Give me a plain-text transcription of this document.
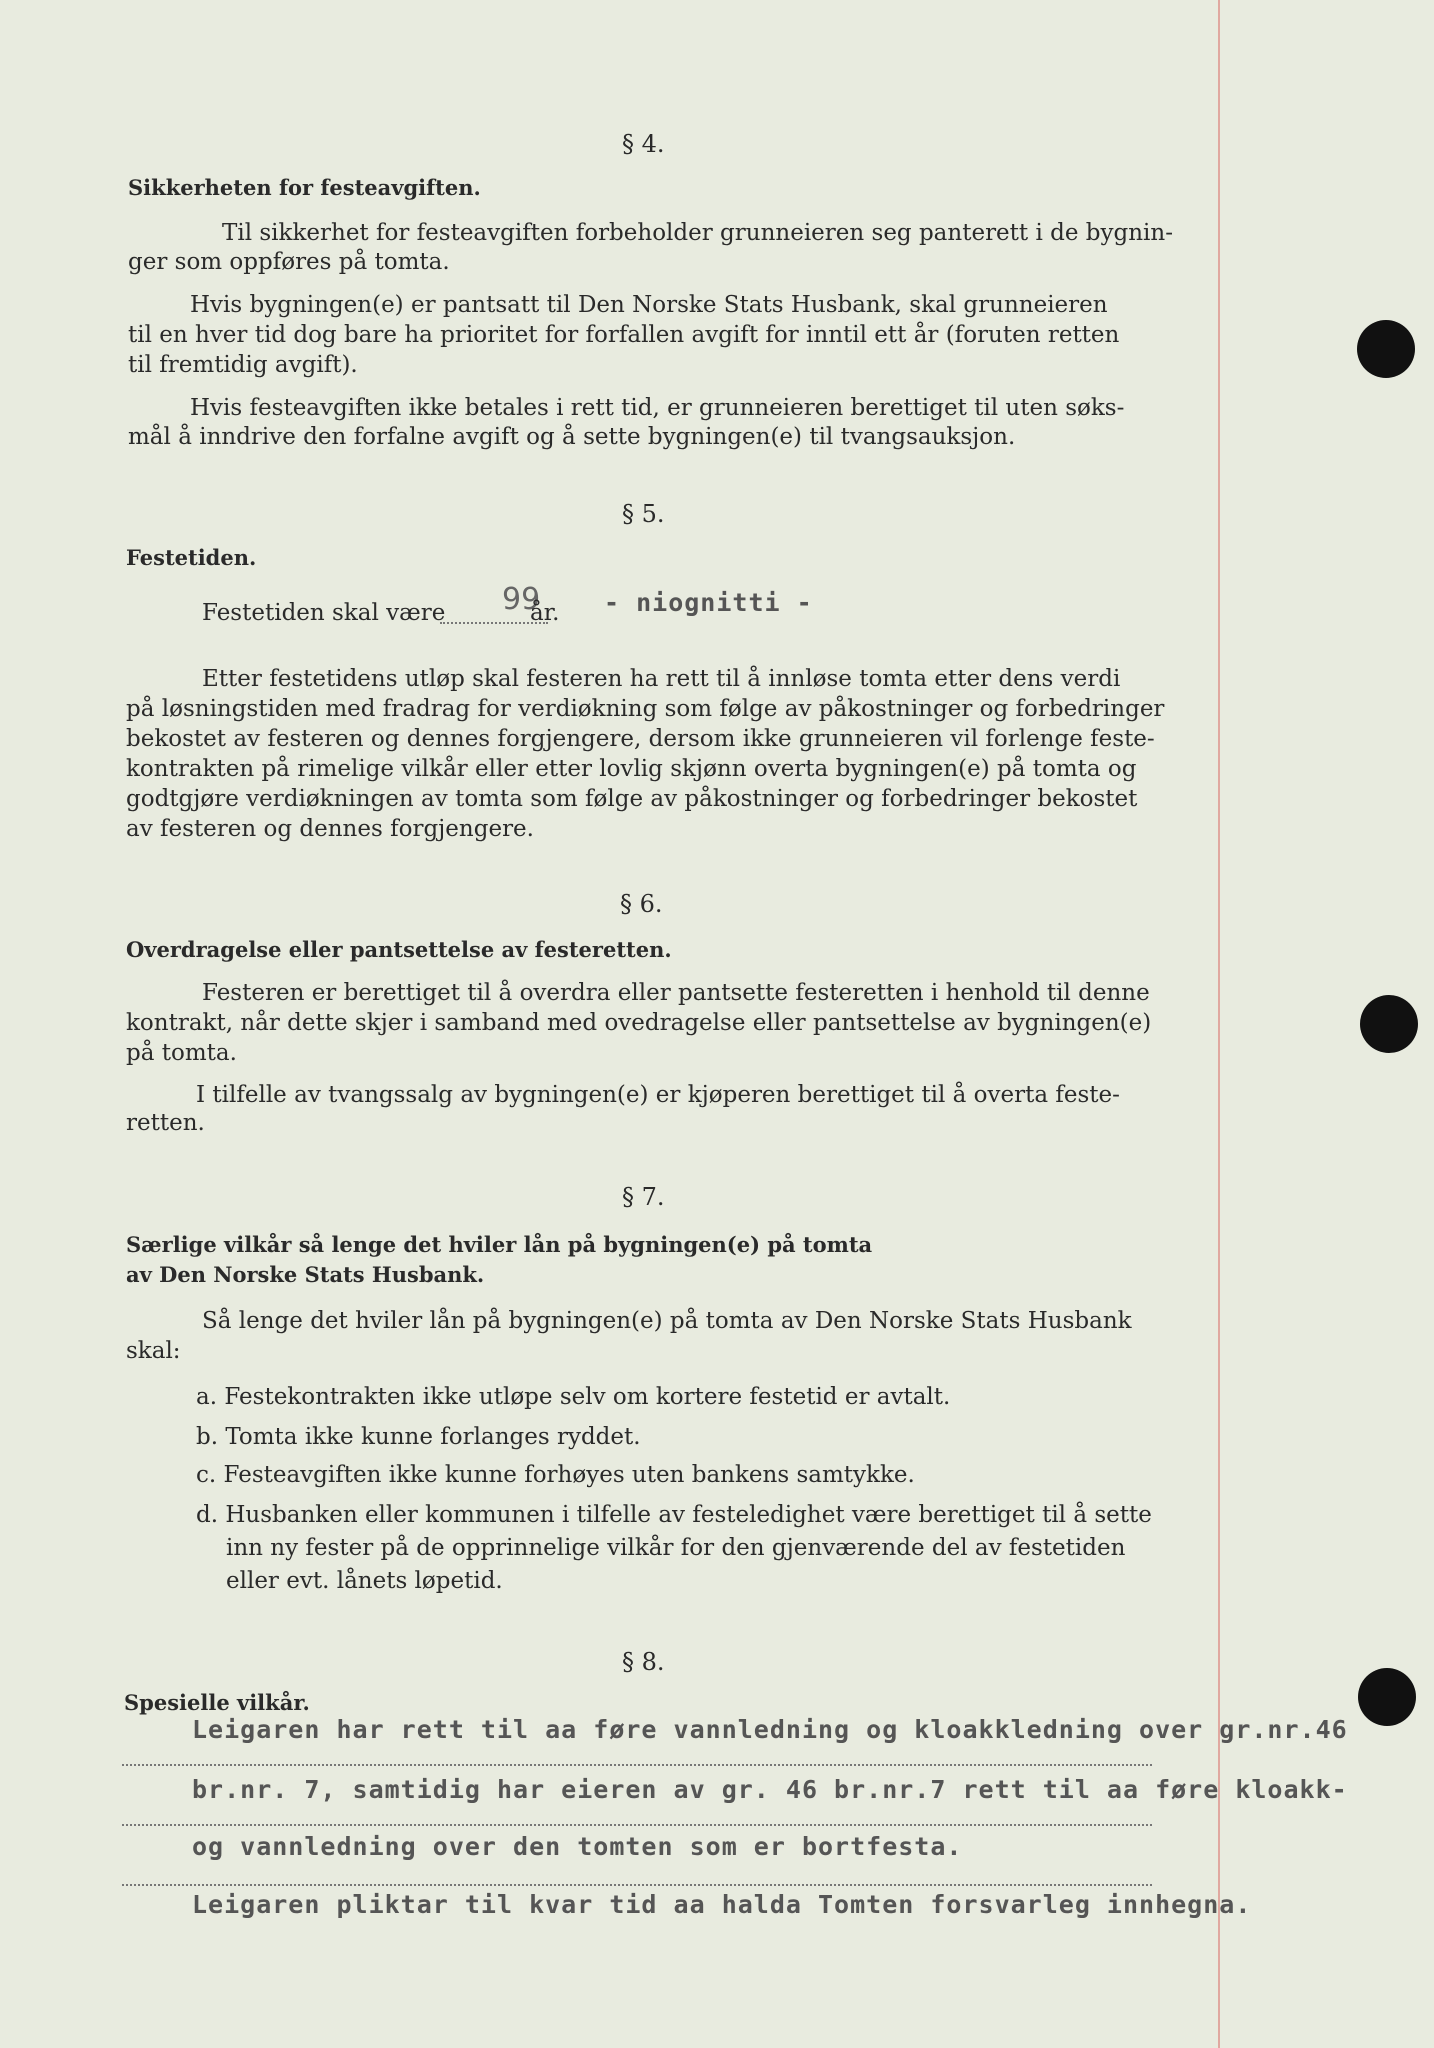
§ 4.
Sikkerheten for festeavgiften.
Til sikkerhet for festeavgiften forbeholder grunneieren seg panterett i de bygnin-
ger som oppføres på tomta.
Hvis bygningen(e) er pantsatt til Den Norske Stats Husbank, skal grunneieren
til en hver tid dog bare ha prioritet for forfallen avgift for inntil ett år (foruten retten
til fremtidig avgift).
Hvis festeavgiften ikke betales i rett tid, er grunneieren berettiget til uten søks-
mål å inndrive den forfalne avgift og å sette bygningen(e) til tvangsauksjon.
§ 5.
Festetiden.
Festetiden skal være 99
år. - niognitti -
Etter festetidens utløp skal festeren ha rett til å innløse tomta etter dens verdi
på løsningstiden med fradrag for verdiøkning som følge av påkostninger og forbedringer
bekostet av festeren og dennes forgjengere, dersom ikke grunneieren vil forlenge feste-
kontrakten på rimelige vilkår eller etter lovlig skjønn overta bygningen(e) på tomta og
godtgjøre verdiøkningen av tomta som følge av påkostninger og forbedringer bekostet
av festeren og dennes forgjengere.
§ 6.
Overdragelse eller pantsettelse av festeretten.
Festeren er berettiget til å overdra eller pantsette festeretten i henhold til denne
kontrakt, når dette skjer i samband med ovedragelse eller pantsettelse av bygningen(e)
på tomta.
I tilfelle av tvangssalg av bygningen(e) er kjøperen berettiget til å overta feste-
retten.
§ 7.
Særlige vilkår så lenge det hviler lån på bygningen(e) på tomta
av Den Norske Stats Husbank.
Så lenge det hviler lån på bygningen(e) på tomta av Den Norske Stats Husbank
skal:
a. Festekontrakten ikke utløpe selv om kortere festetid er avtalt.
b. Tomta ikke kunne forlanges ryddet.
c. Festeavgiften ikke kunne forhøyes uten bankens samtykke.
d. Husbanken eller kommunen i tilfelle av festeledighet være berettiget til å sette
inn ny fester på de opprinnelige vilkår for den gjenværende del av festetiden
eller evt. lånets løpetid.
§ 8.
Spesielle vilkår.
Leigaren har rett til aa føre vannledning og kloakkledning over gr.nr.46
br.nr. 7, samtidig har eieren av gr. 46 br.nr.7 rett til aa føre kloakk-
og vannledning over den tomten som er bortfesta.
Leigaren pliktar til kvar tid aa halda Tomten forsvarleg innhegna.
